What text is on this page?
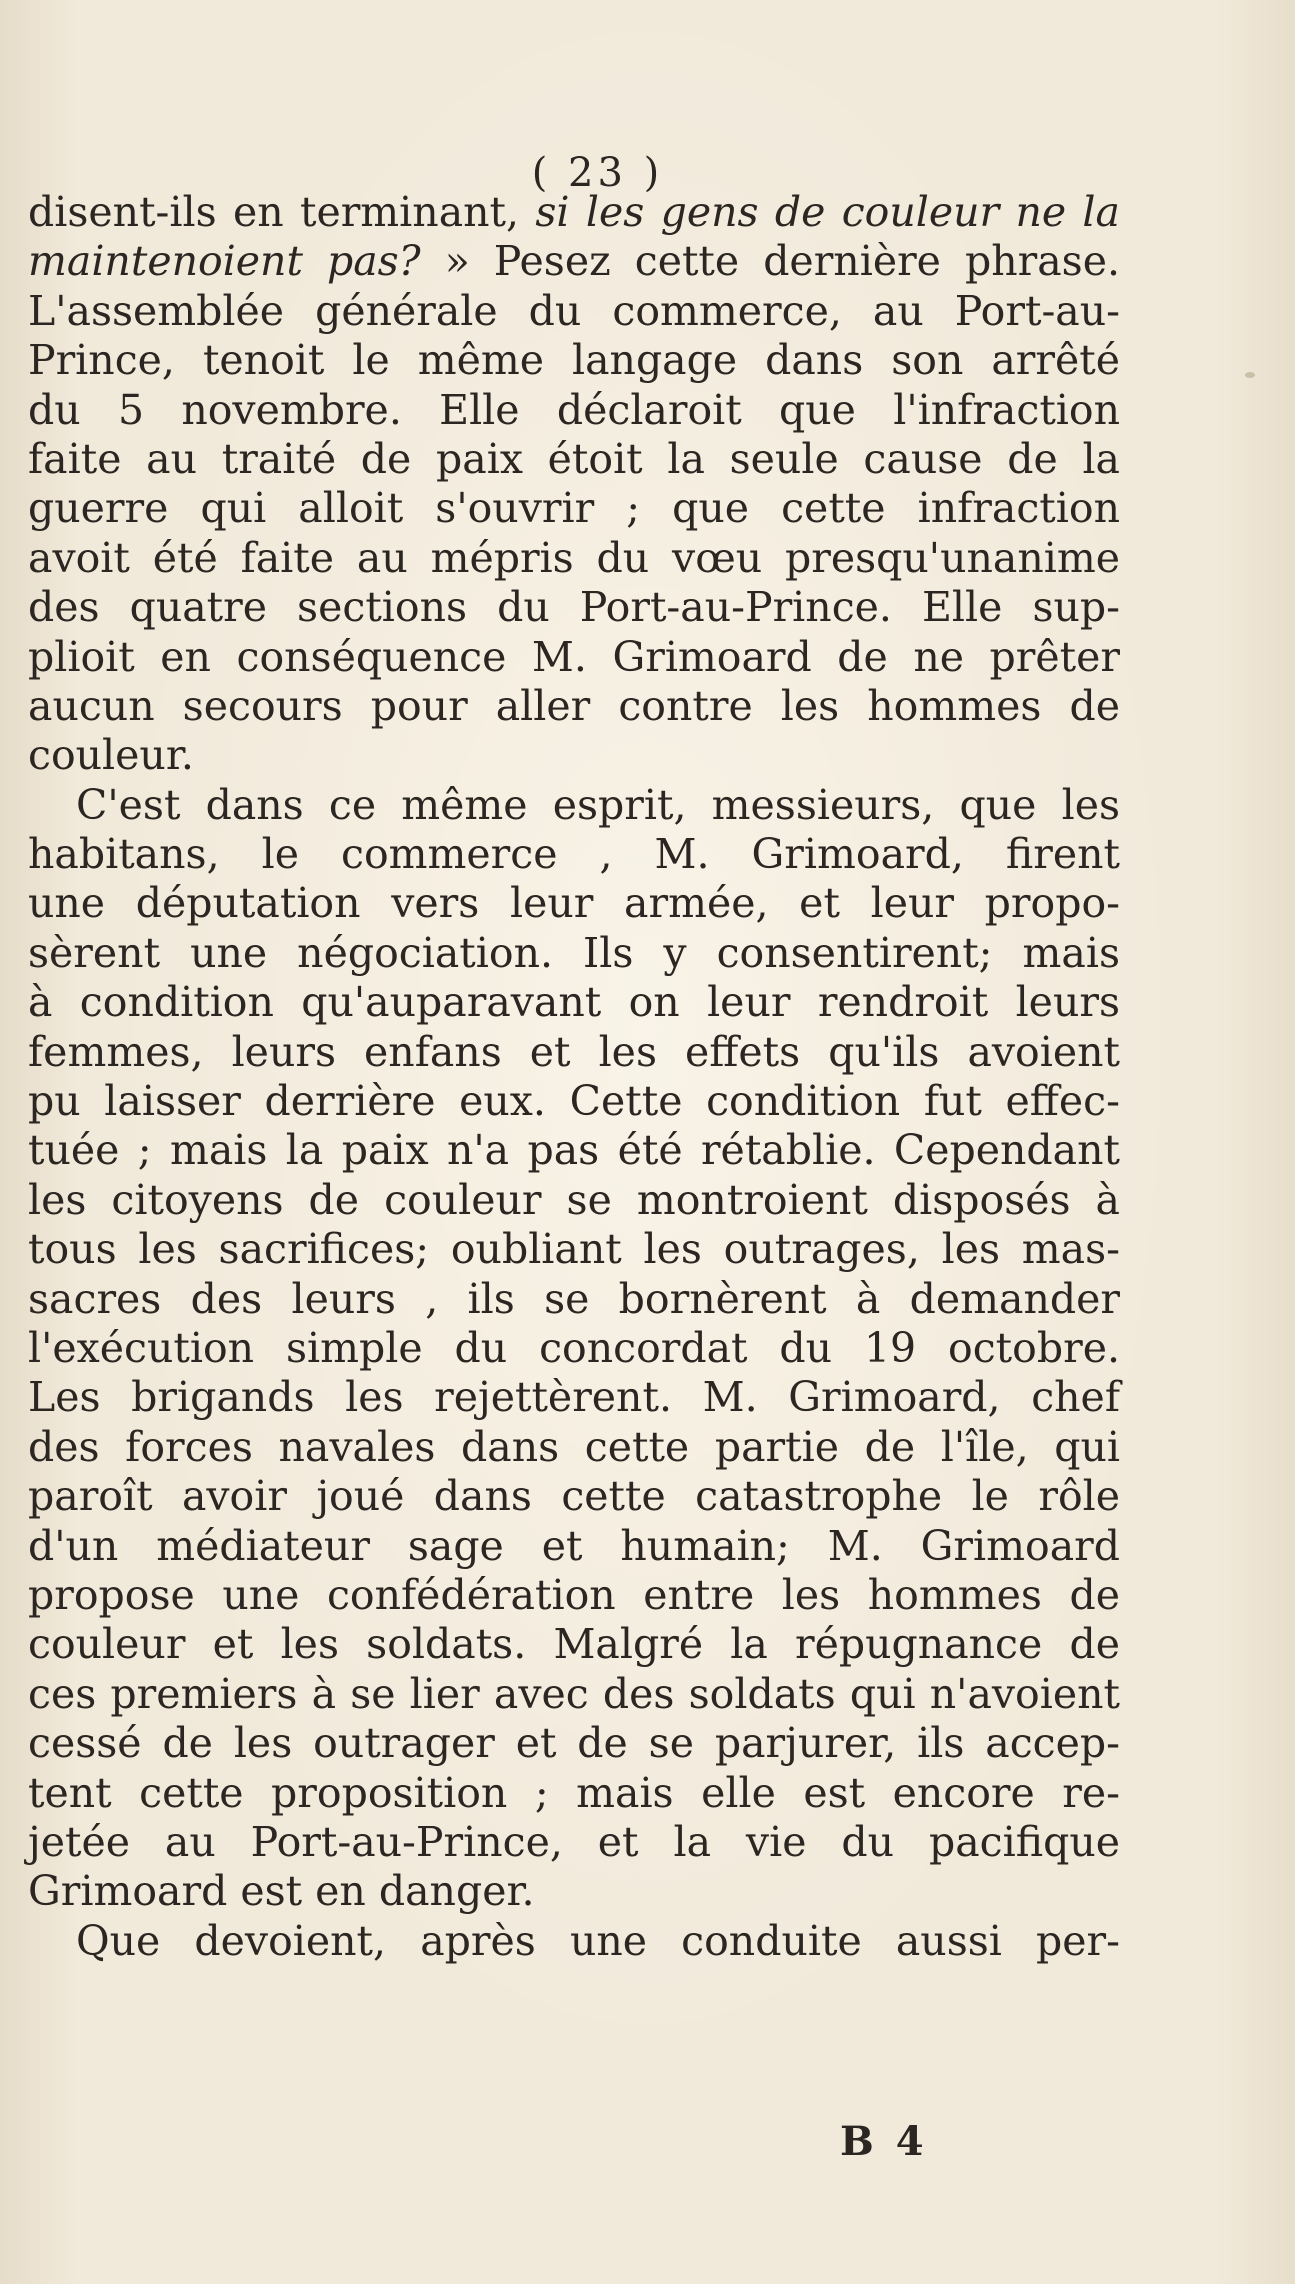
( 23 )
disent-ils en terminant, si les gens de couleur ne la
maintenoient pas? » Pesez cette dernière phrase.
L'assemblée générale du commerce, au Port-au-
Prince, tenoit le même langage dans son arrêté
du 5 novembre. Elle déclaroit que l'infraction
faite au traité de paix étoit la seule cause de la
guerre qui alloit s'ouvrir ; que cette infraction
avoit été faite au mépris du vœu presqu'unanime
des quatre sections du Port-au-Prince. Elle sup-
plioit en conséquence M. Grimoard de ne prêter
aucun secours pour aller contre les hommes de
couleur.
C'est dans ce même esprit, messieurs, que les
habitans, le commerce , M. Grimoard, firent
une députation vers leur armée, et leur propo-
sèrent une négociation. Ils y consentirent; mais
à condition qu'auparavant on leur rendroit leurs
femmes, leurs enfans et les effets qu'ils avoient
pu laisser derrière eux. Cette condition fut effec-
tuée ; mais la paix n'a pas été rétablie. Cependant
les citoyens de couleur se montroient disposés à
tous les sacrifices; oubliant les outrages, les mas-
sacres des leurs , ils se bornèrent à demander
l'exécution simple du concordat du 19 octobre.
Les brigands les rejettèrent. M. Grimoard, chef
des forces navales dans cette partie de l'île, qui
paroît avoir joué dans cette catastrophe le rôle
d'un médiateur sage et humain; M. Grimoard
propose une confédération entre les hommes de
couleur et les soldats. Malgré la répugnance de
ces premiers à se lier avec des soldats qui n'avoient
cessé de les outrager et de se parjurer, ils accep-
tent cette proposition ; mais elle est encore re-
jetée au Port-au-Prince, et la vie du pacifique
Grimoard est en danger.
Que devoient, après une conduite aussi per-
B 4
